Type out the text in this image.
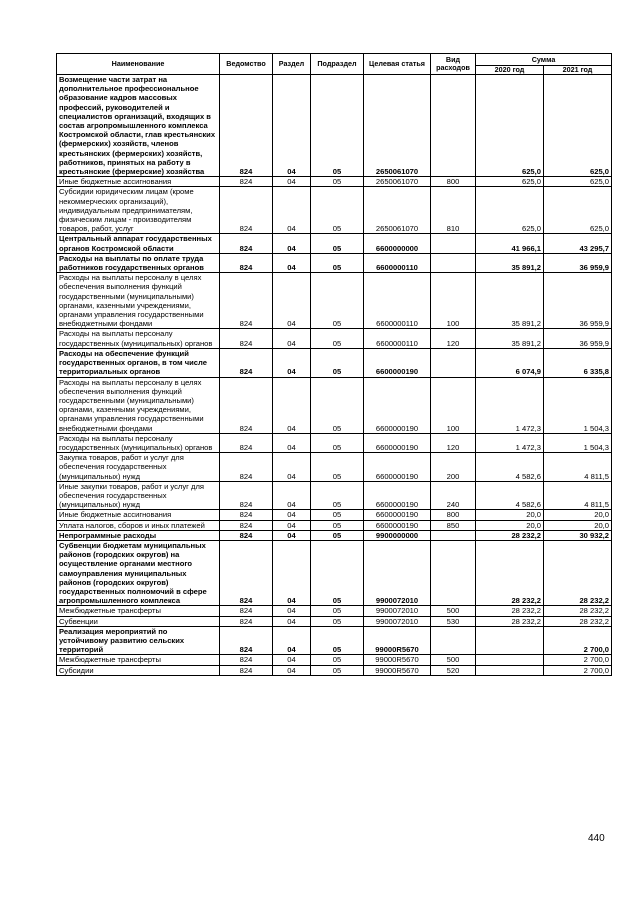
Наименование	Ведомство	Раздел	Подраздел	Целевая статья	Вид расходов	Сумма	
						2020 год	2021 год
Возмещение части затрат на дополнительное профессиональное образование кадров массовых профессий, руководителей и специалистов организаций, входящих в состав агропромышленного комплекса Костромской области, глав крестьянских (фермерских) хозяйств, членов крестьянских (фермерских) хозяйств, работников, принятых на работу в крестьянские (фермерские) хозяйства	824	04	05	2650061070		625,0	625,0
Иные бюджетные ассигнования	824	04	05	2650061070	800	625,0	625,0
Субсидии юридическим лицам (кроме некоммерческих организаций), индивидуальным предпринимателям, физическим лицам - производителям товаров, работ, услуг	824	04	05	2650061070	810	625,0	625,0
Центральный аппарат государственных органов Костромской области	824	04	05	6600000000		41 966,1	43 295,7
Расходы на выплаты по оплате труда работников государственных органов	824	04	05	6600000110		35 891,2	36 959,9
Расходы на выплаты персоналу в целях обеспечения выполнения функций государственными (муниципальными) органами, казенными учреждениями, органами управления государственными внебюджетными фондами	824	04	05	6600000110	100	35 891,2	36 959,9
Расходы на выплаты персоналу государственных (муниципальных) органов	824	04	05	6600000110	120	35 891,2	36 959,9
Расходы на обеспечение функций государственных органов, в том числе территориальных органов	824	04	05	6600000190		6 074,9	6 335,8
Расходы на выплаты персоналу в целях обеспечения выполнения функций государственными (муниципальными) органами, казенными учреждениями, органами управления государственными внебюджетными фондами	824	04	05	6600000190	100	1 472,3	1 504,3
Расходы на выплаты персоналу государственных (муниципальных) органов	824	04	05	6600000190	120	1 472,3	1 504,3
Закупка товаров, работ и услуг для обеспечения государственных (муниципальных) нужд	824	04	05	6600000190	200	4 582,6	4 811,5
Иные закупки товаров, работ и услуг для обеспечения государственных (муниципальных) нужд	824	04	05	6600000190	240	4 582,6	4 811,5
Иные бюджетные ассигнования	824	04	05	6600000190	800	20,0	20,0
Уплата налогов, сборов и иных платежей	824	04	05	6600000190	850	20,0	20,0
Непрограммные расходы	824	04	05	9900000000		28 232,2	30 932,2
Субвенции бюджетам муниципальных районов (городских округов) на осуществление органами местного самоуправления муниципальных районов (городских округов) государственных полномочий в сфере агропромышленного комплекса	824	04	05	9900072010		28 232,2	28 232,2
Межбюджетные трансферты	824	04	05	9900072010	500	28 232,2	28 232,2
Субвенции	824	04	05	9900072010	530	28 232,2	28 232,2
Реализация мероприятий по устойчивому развитию сельских территорий	824	04	05	99000R5670			2 700,0
Межбюджетные трансферты	824	04	05	99000R5670	500		2 700,0
Субсидии	824	04	05	99000R5670	520		2 700,0
440
